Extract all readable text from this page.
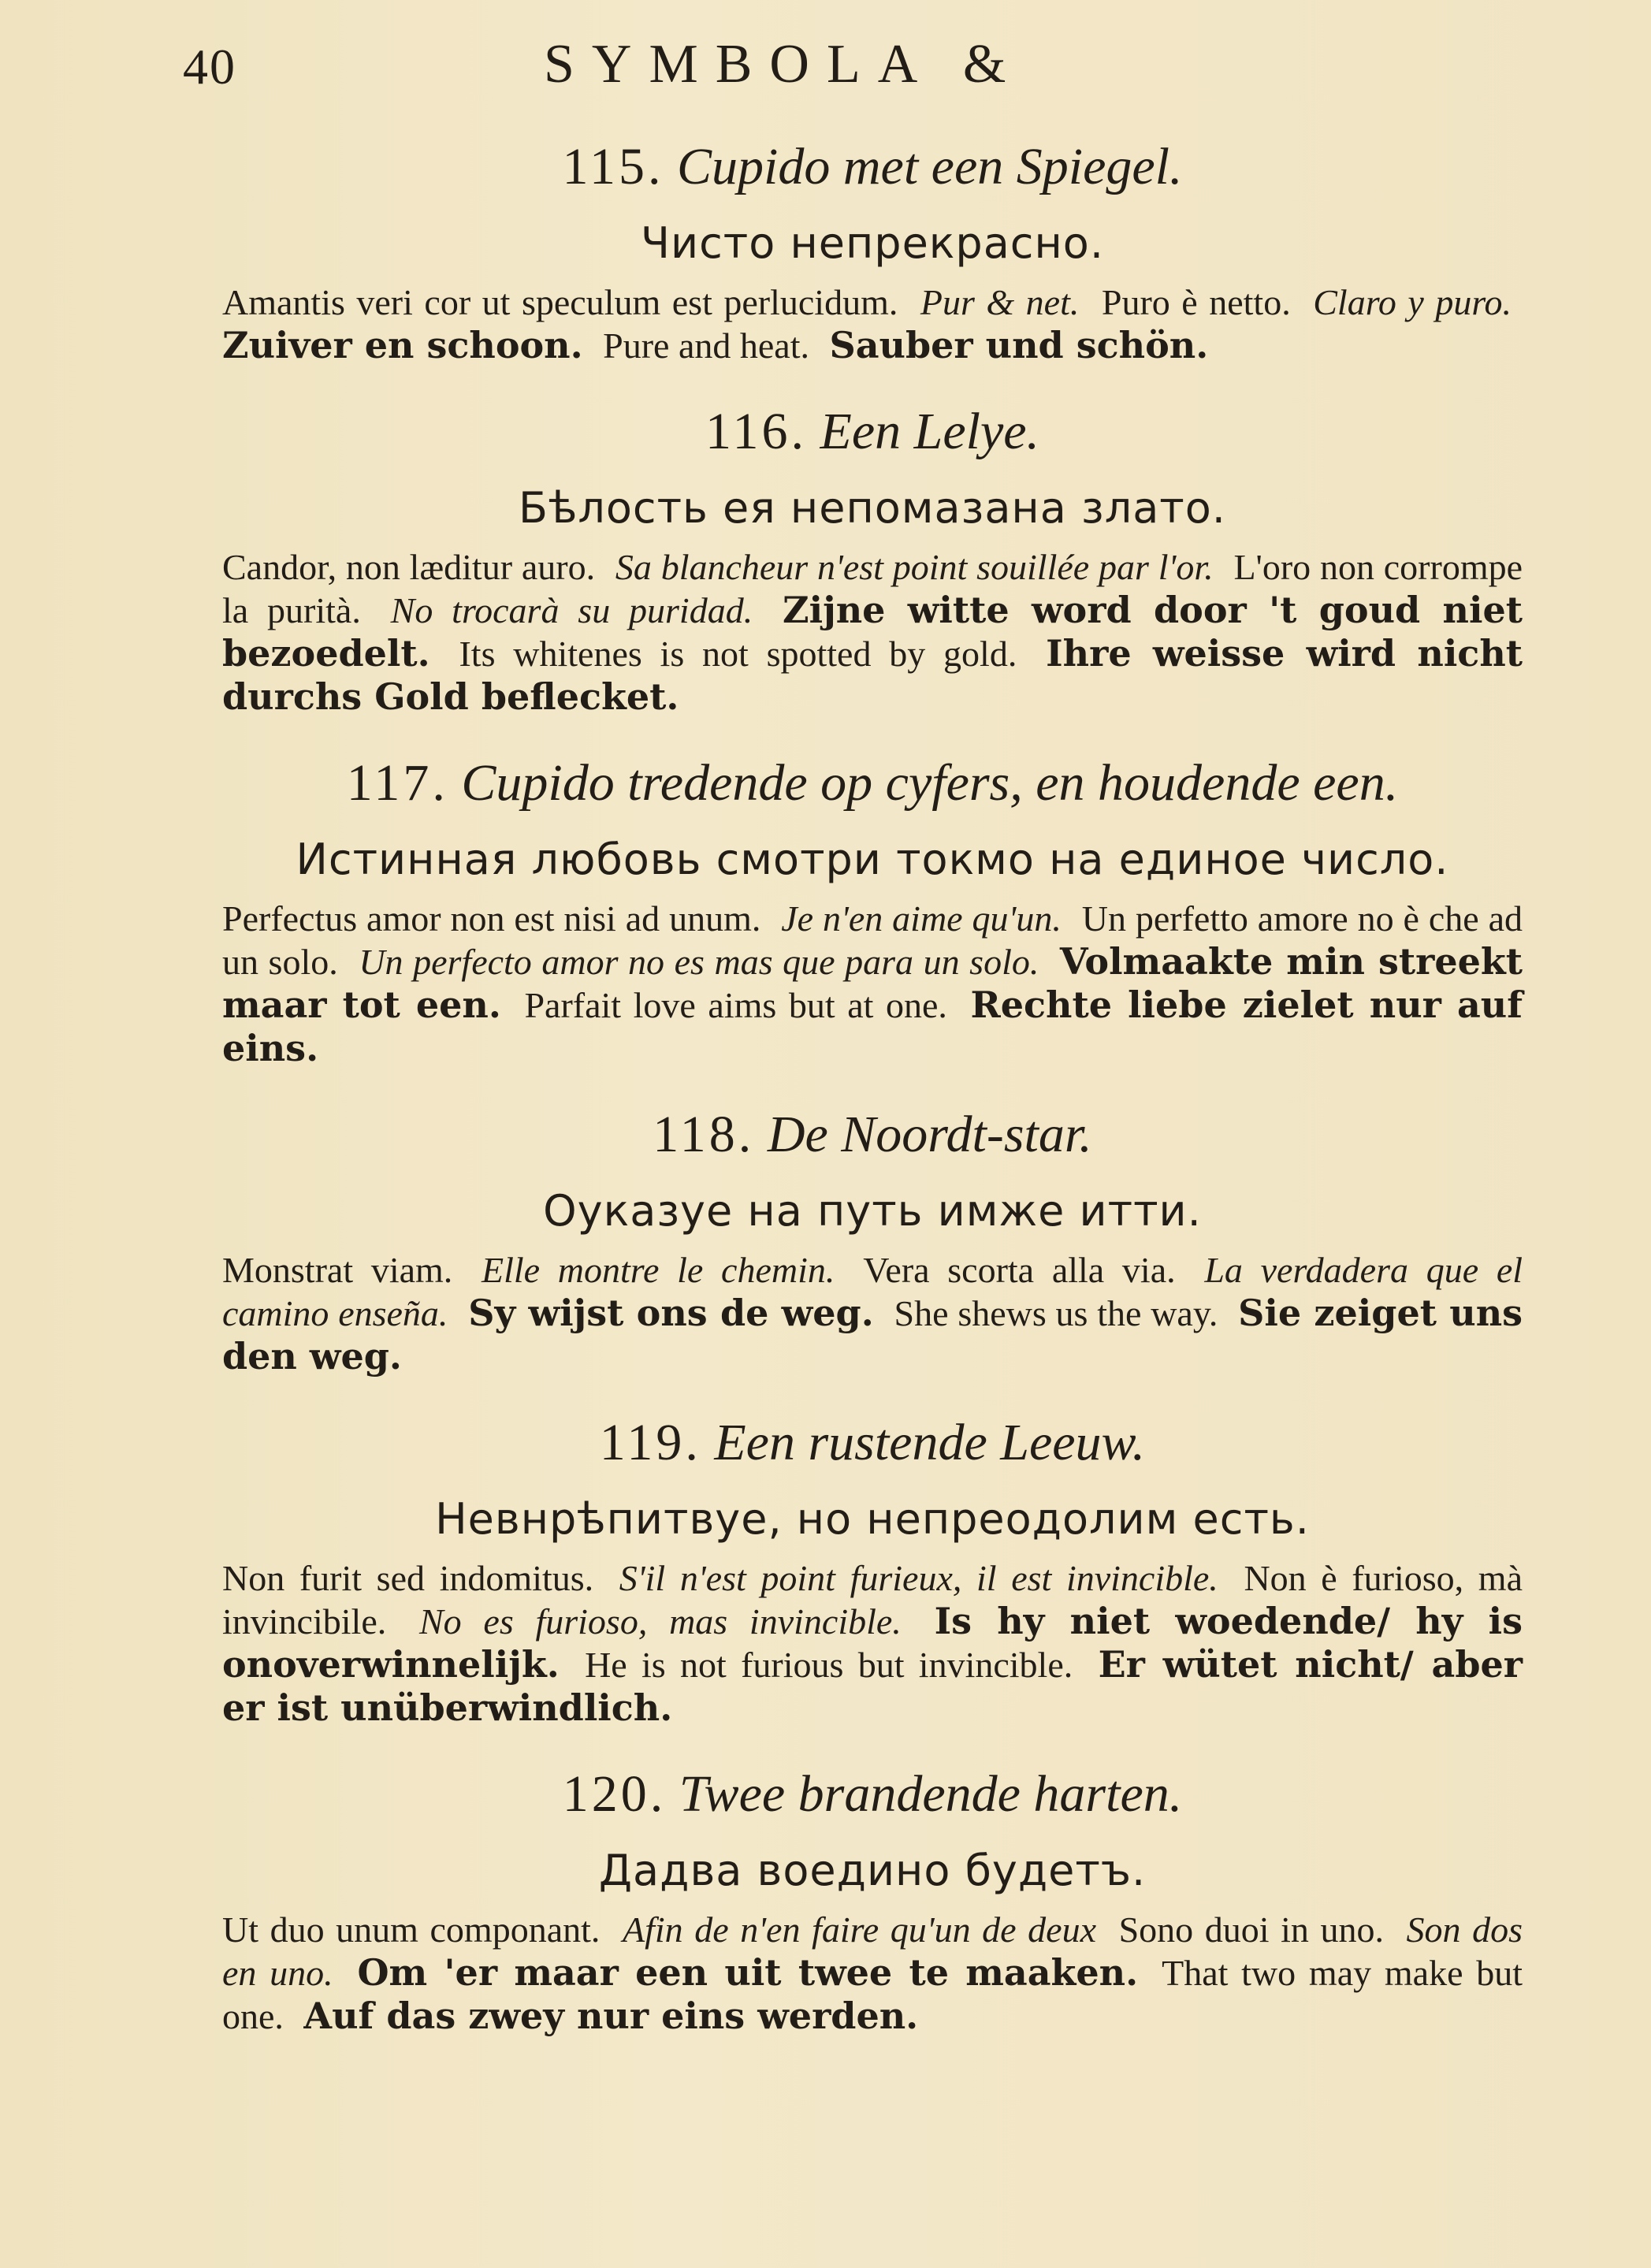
40	SYMBOLA &

115. Cupido met een Spiegel.

Чисто непрекрасно.

Amantis veri cor ut speculum est perlucidum. Pur & net. Puro è netto. Claro y puro. Zuiver en schoon. Pure and heat. Sauber und schön.

116. Een Lelye.

Бѣлость ея непомазана злато.

Candor, non læditur auro. Sa blancheur n'est point souillée par l'or. L'oro non corrompe la purità. No trocarà su puridad. Zijne witte word door 't goud niet bezoedelt. Its whitenes is not spotted by gold. Ihre weisse wird nicht durchs Gold beflecket.

117. Cupido tredende op cyfers, en houdende een.

Истинная любовь смотри токмо на единое число.

Perfectus amor non est nisi ad unum. Je n'en aime qu'un. Un perfetto amore no è che ad un solo. Un perfecto amor no es mas que para un solo. Volmaakte min streekt maar tot een. Parfait love aims but at one. Rechte liebe zielet nur auf eins.

118. De Noordt-star.

Оуказуе на путь имже итти.

Monstrat viam. Elle montre le chemin. Vera scorta alla via. La verdadera que el camino enseña. Sy wijst ons de weg. She shews us the way. Sie zeiget uns den weg.

119. Een rustende Leeuw.

Невнрѣпитвуе, но непреодолим есть.

Non furit sed indomitus. S'il n'est point furieux, il est invincible. Non è furioso, mà invincibile. No es furioso, mas invincible. Is hy niet woedende/ hy is onoverwinnelijk. He is not furious but invincible. Er wütet nicht/ aber er ist unüberwindlich.

120. Twee brandende harten.

Дадва воедино будетъ.

Ut duo unum componant. Afin de n'en faire qu'un de deux Sono duoi in uno. Son dos en uno. Om 'er maar een uit twee te maaken. That two may make but one. Auf das zwey nur eins werden.
